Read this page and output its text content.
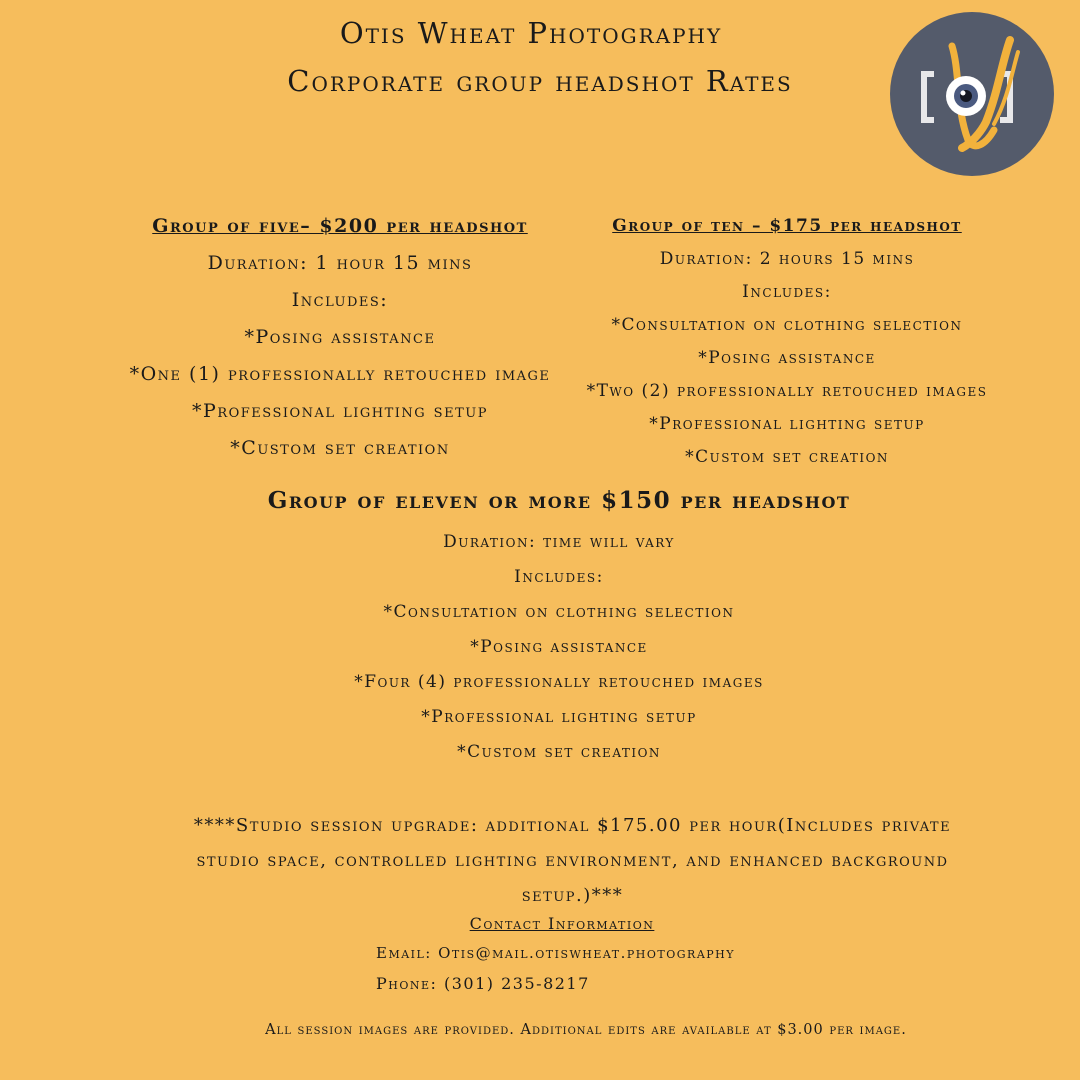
Otis Wheat Photography
Corporate group headshot Rates
Group of five– $200 per headshot
Duration: 1 hour 15 mins
Includes:
*Posing assistance
*One (1) professionally retouched image
*Professional lighting setup
*Custom set creation
Group of ten – $175 per headshot
Duration: 2 hours 15 mins
Includes:
*Consultation on clothing selection
*Posing assistance
*Two (2) professionally retouched images
*Professional lighting setup
*Custom set creation
Group of eleven or more $150 per headshot
Duration: time will vary
Includes:
*Consultation on clothing selection
*Posing assistance
*Four (4) professionally retouched images
*Professional lighting setup
*Custom set creation
****Studio session upgrade: additional $175.00 per hour(Includes private
studio space, controlled lighting environment, and enhanced background
setup.)***
Contact Information
Email: Otis@mail.otiswheat.photography
Phone: (301) 235-8217
All session images are provided. Additional edits are available at $3.00 per image.
